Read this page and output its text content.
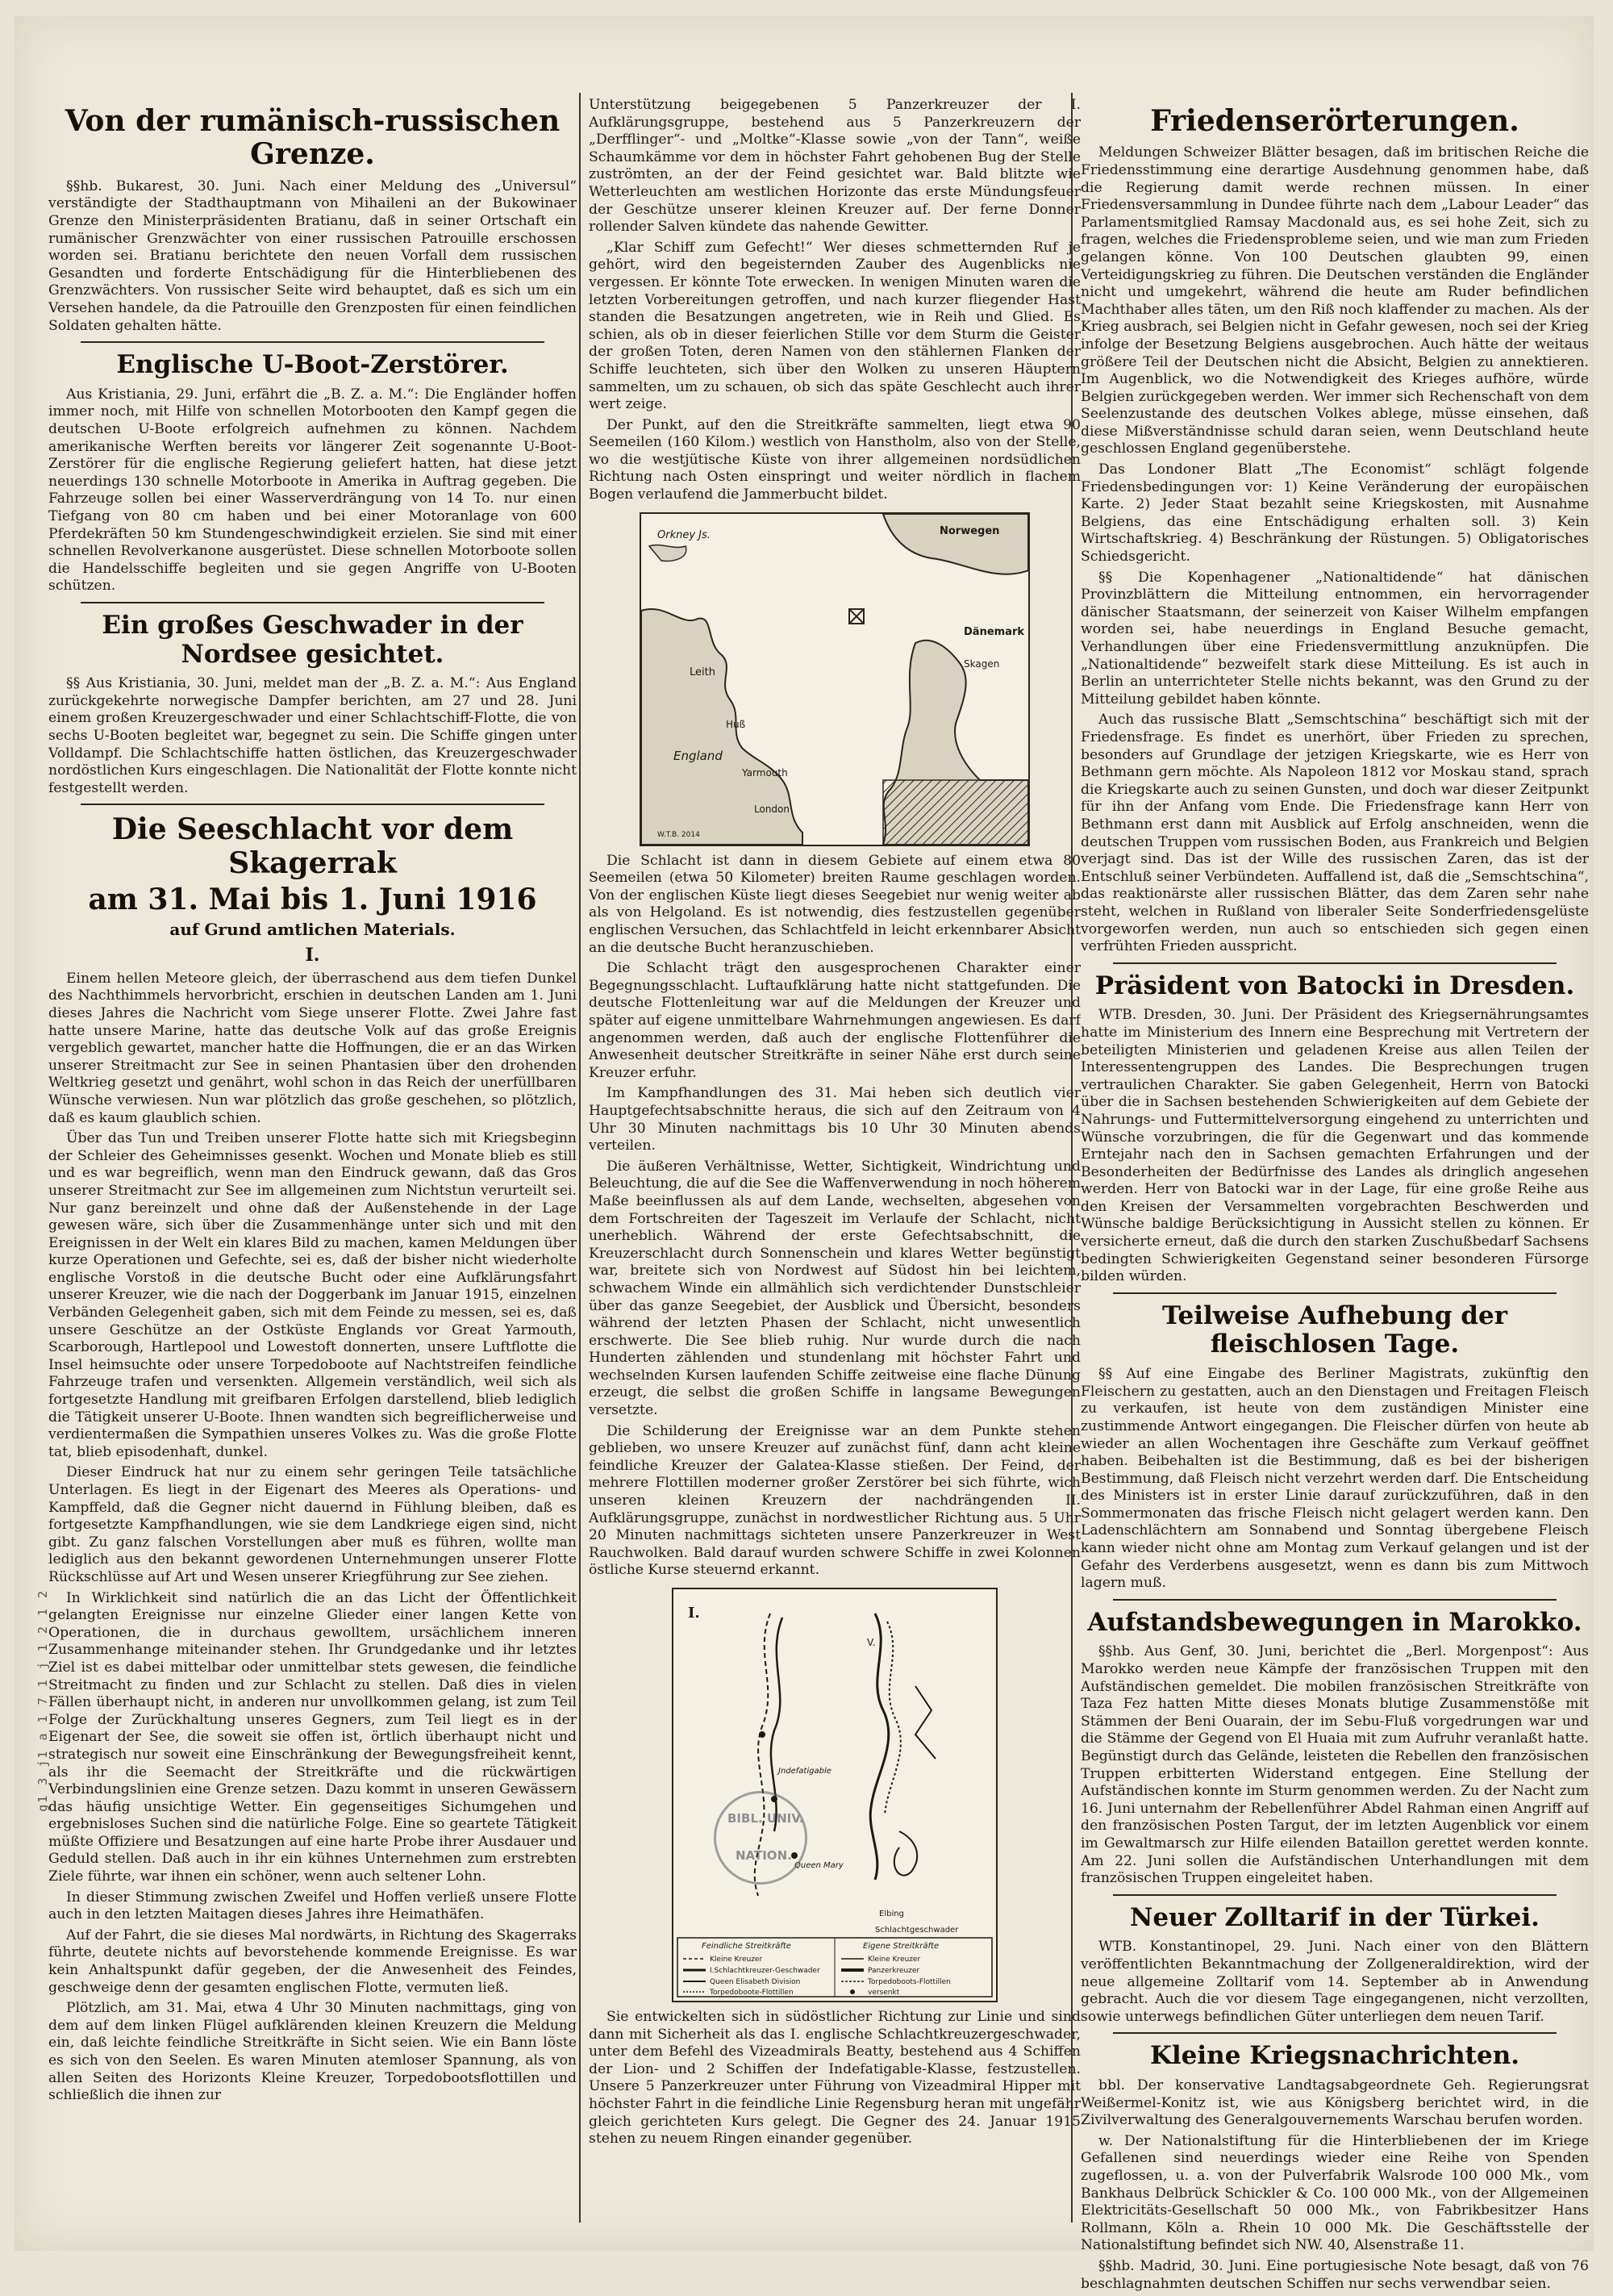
g1 3 j1 a 1 7 1 j 1 2 1 2
Von der rumänisch-russischen Grenze.

§§hb. Bukarest, 30. Juni. Nach einer Meldung des „Universul“ verständigte der Stadthauptmann von Mihaileni an der Bukowinaer Grenze den Ministerpräsidenten Bratianu, daß in seiner Ortschaft ein rumänischer Grenzwächter von einer russischen Patrouille erschossen worden sei. Bratianu berichtete den neuen Vorfall dem russischen Gesandten und forderte Entschädigung für die Hinterbliebenen des Grenzwächters. Von russischer Seite wird behauptet, daß es sich um ein Versehen handele, da die Patrouille den Grenzposten für einen feindlichen Soldaten gehalten hätte.

Englische U-Boot-Zerstörer.

Aus Kristiania, 29. Juni, erfährt die „B. Z. a. M.“: Die Engländer hoffen immer noch, mit Hilfe von schnellen Motorbooten den Kampf gegen die deutschen U-Boote erfolgreich aufnehmen zu können. Nachdem amerikanische Werften bereits vor längerer Zeit sogenannte U-Boot-Zerstörer für die englische Regierung geliefert hatten, hat diese jetzt neuerdings 130 schnelle Motorboote in Amerika in Auftrag gegeben. Die Fahrzeuge sollen bei einer Wasserverdrängung von 14 To. nur einen Tiefgang von 80 cm haben und bei einer Motoranlage von 600 Pferdekräften 50 km Stundengeschwindigkeit erzielen. Sie sind mit einer schnellen Revolverkanone ausgerüstet. Diese schnellen Motorboote sollen die Handelsschiffe begleiten und sie gegen Angriffe von U-Booten schützen.

Ein großes Geschwader in der Nordsee gesichtet.

§§ Aus Kristiania, 30. Juni, meldet man der „B. Z. a. M.“: Aus England zurückgekehrte norwegische Dampfer berichten, am 27 und 28. Juni einem großen Kreuzergeschwader und einer Schlachtschiff-Flotte, die von sechs U-Booten begleitet war, begegnet zu sein. Die Schiffe gingen unter Volldampf. Die Schlachtschiffe hatten östlichen, das Kreuzergeschwader nordöstlichen Kurs eingeschlagen. Die Nationalität der Flotte konnte nicht festgestellt werden.

Die Seeschlacht vor dem Skagerrak
am 31. Mai bis 1. Juni 1916
auf Grund amtlichen Materials.
I.

Einem hellen Meteore gleich, der überraschend aus dem tiefen Dunkel des Nachthimmels hervorbricht, erschien in deutschen Landen am 1. Juni dieses Jahres die Nachricht vom Siege unserer Flotte. Zwei Jahre fast hatte unsere Marine, hatte das deutsche Volk auf das große Ereignis vergeblich gewartet, mancher hatte die Hoffnungen, die er an das Wirken unserer Streitmacht zur See in seinen Phantasien über den drohenden Weltkrieg gesetzt und genährt, wohl schon in das Reich der unerfüllbaren Wünsche verwiesen. Nun war plötzlich das große geschehen, so plötzlich, daß es kaum glaublich schien.

Über das Tun und Treiben unserer Flotte hatte sich mit Kriegsbeginn der Schleier des Geheimnisses gesenkt. Wochen und Monate blieb es still und es war begreiflich, wenn man den Eindruck gewann, daß das Gros unserer Streitmacht zur See im allgemeinen zum Nichtstun verurteilt sei. Nur ganz bereinzelt und ohne daß der Außenstehende in der Lage gewesen wäre, sich über die Zusammenhänge unter sich und mit den Ereignissen in der Welt ein klares Bild zu machen, kamen Meldungen über kurze Operationen und Gefechte, sei es, daß der bisher nicht wiederholte englische Vorstoß in die deutsche Bucht oder eine Aufklärungsfahrt unserer Kreuzer, wie die nach der Doggerbank im Januar 1915, einzelnen Verbänden Gelegenheit gaben, sich mit dem Feinde zu messen, sei es, daß unsere Geschütze an der Ostküste Englands vor Great Yarmouth, Scarborough, Hartlepool und Lowestoft donnerten, unsere Luftflotte die Insel heimsuchte oder unsere Torpedoboote auf Nachtstreifen feindliche Fahrzeuge trafen und versenkten. Allgemein verständlich, weil sich als fortgesetzte Handlung mit greifbaren Erfolgen darstellend, blieb lediglich die Tätigkeit unserer U-Boote. Ihnen wandten sich begreiflicherweise und verdientermaßen die Sympathien unseres Volkes zu. Was die große Flotte tat, blieb episodenhaft, dunkel.

Dieser Eindruck hat nur zu einem sehr geringen Teile tatsächliche Unterlagen. Es liegt in der Eigenart des Meeres als Operations- und Kampffeld, daß die Gegner nicht dauernd in Fühlung bleiben, daß es fortgesetzte Kampfhandlungen, wie sie dem Landkriege eigen sind, nicht gibt. Zu ganz falschen Vorstellungen aber muß es führen, wollte man lediglich aus den bekannt gewordenen Unternehmungen unserer Flotte Rückschlüsse auf Art und Wesen unserer Kriegführung zur See ziehen.

In Wirklichkeit sind natürlich die an das Licht der Öffentlichkeit gelangten Ereignisse nur einzelne Glieder einer langen Kette von Operationen, die in durchaus gewolltem, ursächlichem inneren Zusammenhange miteinander stehen. Ihr Grundgedanke und ihr letztes Ziel ist es dabei mittelbar oder unmittelbar stets gewesen, die feindliche Streitmacht zu finden und zur Schlacht zu stellen. Daß dies in vielen Fällen überhaupt nicht, in anderen nur unvollkommen gelang, ist zum Teil Folge der Zurückhaltung unseres Gegners, zum Teil liegt es in der Eigenart der See, die soweit sie offen ist, örtlich überhaupt nicht und strategisch nur soweit eine Einschränkung der Bewegungsfreiheit kennt, als ihr die Seemacht der Streitkräfte und die rückwärtigen Verbindungslinien eine Grenze setzen. Dazu kommt in unseren Gewässern das häufig unsichtige Wetter. Ein gegenseitiges Sichumgehen und ergebnisloses Suchen sind die natürliche Folge. Eine so geartete Tätigkeit müßte Offiziere und Besatzungen auf eine harte Probe ihrer Ausdauer und Geduld stellen. Daß auch in ihr ein kühnes Unternehmen zum erstrebten Ziele führte, war ihnen ein schöner, wenn auch seltener Lohn.

In dieser Stimmung zwischen Zweifel und Hoffen verließ unsere Flotte auch in den letzten Maitagen dieses Jahres ihre Heimathäfen.

Auf der Fahrt, die sie dieses Mal nordwärts, in Richtung des Skagerraks führte, deutete nichts auf bevorstehende kommende Ereignisse. Es war kein Anhaltspunkt dafür gegeben, der die Anwesenheit des Feindes, geschweige denn der gesamten englischen Flotte, vermuten ließ.

Plötzlich, am 31. Mai, etwa 4 Uhr 30 Minuten nachmittags, ging von dem auf dem linken Flügel aufklärenden kleinen Kreuzern die Meldung ein, daß leichte feindliche Streitkräfte in Sicht seien. Wie ein Bann löste es sich von den Seelen. Es waren Minuten atemloser Spannung, als von allen Seiten des Horizonts Kleine Kreuzer, Torpedobootsflottillen und schließlich die ihnen zur

Unterstützung beigegebenen 5 Panzerkreuzer der I. Aufklärungsgruppe, bestehend aus 5 Panzerkreuzern der „Derfflinger“- und „Moltke“-Klasse sowie „von der Tann“, weiße Schaumkämme vor dem in höchster Fahrt gehobenen Bug der Stelle zuströmten, an der der Feind gesichtet war. Bald blitzte wie Wetterleuchten am westlichen Horizonte das erste Mündungsfeuer der Geschütze unserer kleinen Kreuzer auf. Der ferne Donner rollender Salven kündete das nahende Gewitter.

„Klar Schiff zum Gefecht!“ Wer dieses schmetternden Ruf je gehört, wird den begeisternden Zauber des Augenblicks nie vergessen. Er könnte Tote erwecken. In wenigen Minuten waren die letzten Vorbereitungen getroffen, und nach kurzer fliegender Hast standen die Besatzungen angetreten, wie in Reih und Glied. Es schien, als ob in dieser feierlichen Stille vor dem Sturm die Geister der großen Toten, deren Namen von den stählernen Flanken der Schiffe leuchteten, sich über den Wolken zu unseren Häuptern sammelten, um zu schauen, ob sich das späte Geschlecht auch ihrer wert zeige.

Der Punkt, auf den die Streitkräfte sammelten, liegt etwa 90 Seemeilen (160 Kilom.) westlich von Hanstholm, also von der Stelle, wo die westjütische Küste von ihrer allgemeinen nordsüdlichen Richtung nach Osten einspringt und weiter nördlich in flachem Bogen verlaufend die Jammerbucht bildet.

Orkney Js.	Norwegen
Leith
Dänemark
Skagen
Huß
England
Yarmouth
London
W.T.B. 2014

Die Schlacht ist dann in diesem Gebiete auf einem etwa 80 Seemeilen (etwa 50 Kilometer) breiten Raume geschlagen worden. Von der englischen Küste liegt dieses Seegebiet nur wenig weiter ab als von Helgoland. Es ist notwendig, dies festzustellen gegenüber englischen Versuchen, das Schlachtfeld in leicht erkennbarer Absicht an die deutsche Bucht heranzuschieben.

Die Schlacht trägt den ausgesprochenen Charakter einer Begegnungsschlacht. Luftaufklärung hatte nicht stattgefunden. Die deutsche Flottenleitung war auf die Meldungen der Kreuzer und später auf eigene unmittelbare Wahrnehmungen angewiesen. Es darf angenommen werden, daß auch der englische Flottenführer die Anwesenheit deutscher Streitkräfte in seiner Nähe erst durch seine Kreuzer erfuhr.

Im Kampfhandlungen des 31. Mai heben sich deutlich vier Hauptgefechtsabschnitte heraus, die sich auf den Zeitraum von 4 Uhr 30 Minuten nachmittags bis 10 Uhr 30 Minuten abends verteilen.

Die äußeren Verhältnisse, Wetter, Sichtigkeit, Windrichtung und Beleuchtung, die auf die See die Waffenverwendung in noch höherem Maße beeinflussen als auf dem Lande, wechselten, abgesehen von dem Fortschreiten der Tageszeit im Verlaufe der Schlacht, nicht unerheblich. Während der erste Gefechtsabschnitt, die Kreuzerschlacht durch Sonnenschein und klares Wetter begünstigt war, breitete sich von Nordwest auf Südost hin bei leichtem, schwachem Winde ein allmählich sich verdichtender Dunstschleier über das ganze Seegebiet, der Ausblick und Übersicht, besonders während der letzten Phasen der Schlacht, nicht unwesentlich erschwerte. Die See blieb ruhig. Nur wurde durch die nach Hunderten zählenden und stundenlang mit höchster Fahrt und wechselnden Kursen laufenden Schiffe zeitweise eine flache Dünung erzeugt, die selbst die großen Schiffe in langsame Bewegungen versetzte.

Die Schilderung der Ereignisse war an dem Punkte stehen geblieben, wo unsere Kreuzer auf zunächst fünf, dann acht kleine feindliche Kreuzer der Galatea-Klasse stießen. Der Feind, der mehrere Flottillen moderner großer Zerstörer bei sich führte, wich unseren kleinen Kreuzern der nachdrängenden II. Aufklärungsgruppe, zunächst in nordwestlicher Richtung aus. 5 Uhr 20 Minuten nachmittags sichteten unsere Panzerkreuzer in West Rauchwolken. Bald darauf wurden schwere Schiffe in zwei Kolonnen östliche Kurse steuernd erkannt.

I.
Jndefatigable
Queen Mary
V.
Elbing
Schlachtgeschwader
Feindliche Streitkräfte	Eigene Streitkräfte
Kleine Kreuzer
I.Schlachtkreuzer-Geschwader
Queen Elisabeth Division
Torpedoboote-Flottillen
Kleine Kreuzer
Panzerkreuzer
Torpedoboots-Flottillen
versenkt
BIBL. UNIV.
NATION.

Sie entwickelten sich in südöstlicher Richtung zur Linie und sind dann mit Sicherheit als das I. englische Schlachtkreuzergeschwader, unter dem Befehl des Vizeadmirals Beatty, bestehend aus 4 Schiffen der Lion- und 2 Schiffen der Indefatigable-Klasse, festzustellen. Unsere 5 Panzerkreuzer unter Führung von Vizeadmiral Hipper mit höchster Fahrt in die feindliche Linie Regensburg heran mit ungefähr gleich gerichteten Kurs gelegt. Die Gegner des 24. Januar 1915 stehen zu neuem Ringen einander gegenüber.

Friedenserörterungen.

Meldungen Schweizer Blätter besagen, daß im britischen Reiche die Friedensstimmung eine derartige Ausdehnung genommen habe, daß die Regierung damit werde rechnen müssen. In einer Friedensversammlung in Dundee führte nach dem „Labour Leader“ das Parlamentsmitglied Ramsay Macdonald aus, es sei hohe Zeit, sich zu fragen, welches die Friedensprobleme seien, und wie man zum Frieden gelangen könne. Von 100 Deutschen glaubten 99, einen Verteidigungskrieg zu führen. Die Deutschen verständen die Engländer nicht und umgekehrt, während die heute am Ruder befindlichen Machthaber alles täten, um den Riß noch klaffender zu machen. Als der Krieg ausbrach, sei Belgien nicht in Gefahr gewesen, noch sei der Krieg infolge der Besetzung Belgiens ausgebrochen. Auch hätte der weitaus größere Teil der Deutschen nicht die Absicht, Belgien zu annektieren. Im Augenblick, wo die Notwendigkeit des Krieges aufhöre, würde Belgien zurückgegeben werden. Wer immer sich Rechenschaft von dem Seelenzustande des deutschen Volkes ablege, müsse einsehen, daß diese Mißverständnisse schuld daran seien, wenn Deutschland heute geschlossen England gegenüberstehe.

Das Londoner Blatt „The Economist“ schlägt folgende Friedensbedingungen vor: 1) Keine Veränderung der europäischen Karte. 2) Jeder Staat bezahlt seine Kriegskosten, mit Ausnahme Belgiens, das eine Entschädigung erhalten soll. 3) Kein Wirtschaftskrieg. 4) Beschränkung der Rüstungen. 5) Obligatorisches Schiedsgericht.

§§ Die Kopenhagener „Nationaltidende“ hat dänischen Provinzblättern die Mitteilung entnommen, ein hervorragender dänischer Staatsmann, der seinerzeit von Kaiser Wilhelm empfangen worden sei, habe neuerdings in England Besuche gemacht, Verhandlungen über eine Friedensvermittlung anzuknüpfen. Die „Nationaltidende“ bezweifelt stark diese Mitteilung. Es ist auch in Berlin an unterrichteter Stelle nichts bekannt, was den Grund zu der Mitteilung gebildet haben könnte.

Auch das russische Blatt „Semschtschina“ beschäftigt sich mit der Friedensfrage. Es findet es unerhört, über Frieden zu sprechen, besonders auf Grundlage der jetzigen Kriegskarte, wie es Herr von Bethmann gern möchte. Als Napoleon 1812 vor Moskau stand, sprach die Kriegskarte auch zu seinen Gunsten, und doch war dieser Zeitpunkt für ihn der Anfang vom Ende. Die Friedensfrage kann Herr von Bethmann erst dann mit Ausblick auf Erfolg anschneiden, wenn die deutschen Truppen vom russischen Boden, aus Frankreich und Belgien verjagt sind. Das ist der Wille des russischen Zaren, das ist der Entschluß seiner Verbündeten. Auffallend ist, daß die „Semschtschina“, das reaktionärste aller russischen Blätter, das dem Zaren sehr nahe steht, welchen in Rußland von liberaler Seite Sonderfriedensgelüste vorgeworfen werden, nun auch so entschieden sich gegen einen verfrühten Frieden ausspricht.

Präsident von Batocki in Dresden.

WTB. Dresden, 30. Juni. Der Präsident des Kriegsernährungsamtes hatte im Ministerium des Innern eine Besprechung mit Vertretern der beteiligten Ministerien und geladenen Kreise aus allen Teilen der Interessentengruppen des Landes. Die Besprechungen trugen vertraulichen Charakter. Sie gaben Gelegenheit, Herrn von Batocki über die in Sachsen bestehenden Schwierigkeiten auf dem Gebiete der Nahrungs- und Futtermittelversorgung eingehend zu unterrichten und Wünsche vorzubringen, die für die Gegenwart und das kommende Erntejahr nach den in Sachsen gemachten Erfahrungen und der Besonderheiten der Bedürfnisse des Landes als dringlich angesehen werden. Herr von Batocki war in der Lage, für eine große Reihe aus den Kreisen der Versammelten vorgebrachten Beschwerden und Wünsche baldige Berücksichtigung in Aussicht stellen zu können. Er versicherte erneut, daß die durch den starken Zuschußbedarf Sachsens bedingten Schwierigkeiten Gegenstand seiner besonderen Fürsorge bilden würden.

Teilweise Aufhebung der fleischlosen Tage.

§§ Auf eine Eingabe des Berliner Magistrats, zukünftig den Fleischern zu gestatten, auch an den Dienstagen und Freitagen Fleisch zu verkaufen, ist heute von dem zuständigen Minister eine zustimmende Antwort eingegangen. Die Fleischer dürfen von heute ab wieder an allen Wochentagen ihre Geschäfte zum Verkauf geöffnet haben. Beibehalten ist die Bestimmung, daß es bei der bisherigen Bestimmung, daß Fleisch nicht verzehrt werden darf. Die Entscheidung des Ministers ist in erster Linie darauf zurückzuführen, daß in den Sommermonaten das frische Fleisch nicht gelagert werden kann. Den Ladenschlächtern am Sonnabend und Sonntag übergebene Fleisch kann wieder nicht ohne am Montag zum Verkauf gelangen und ist der Gefahr des Verderbens ausgesetzt, wenn es dann bis zum Mittwoch lagern muß.

Aufstandsbewegungen in Marokko.

§§hb. Aus Genf, 30. Juni, berichtet die „Berl. Morgenpost“: Aus Marokko werden neue Kämpfe der französischen Truppen mit den Aufständischen gemeldet. Die mobilen französischen Streitkräfte von Taza Fez hatten Mitte dieses Monats blutige Zusammenstöße mit Stämmen der Beni Ouarain, der im Sebu-Fluß vorgedrungen war und die Stämme der Gegend von El Huaia mit zum Aufruhr veranlaßt hatte. Begünstigt durch das Gelände, leisteten die Rebellen den französischen Truppen erbitterten Widerstand entgegen. Eine Stellung der Aufständischen konnte im Sturm genommen werden. Zu der Nacht zum 16. Juni unternahm der Rebellenführer Abdel Rahman einen Angriff auf den französischen Posten Targut, der im letzten Augenblick vor einem im Gewaltmarsch zur Hilfe eilenden Bataillon gerettet werden konnte. Am 22. Juni sollen die Aufständischen Unterhandlungen mit dem französischen Truppen eingeleitet haben.

Neuer Zolltarif in der Türkei.

WTB. Konstantinopel, 29. Juni. Nach einer von den Blättern veröffentlichten Bekanntmachung der Zollgeneraldirektion, wird der neue allgemeine Zolltarif vom 14. September ab in Anwendung gebracht. Auch die vor diesem Tage eingegangenen, nicht verzollten, sowie unterwegs befindlichen Güter unterliegen dem neuen Tarif.

Kleine Kriegsnachrichten.

bbl. Der konservative Landtagsabgeordnete Geh. Regierungsrat Weißermel-Konitz ist, wie aus Königsberg berichtet wird, in die Zivilverwaltung des Generalgouvernements Warschau berufen worden.

w. Der Nationalstiftung für die Hinterbliebenen der im Kriege Gefallenen sind neuerdings wieder eine Reihe von Spenden zugeflossen, u. a. von der Pulverfabrik Walsrode 100 000 Mk., vom Bankhaus Delbrück Schickler & Co. 100 000 Mk., von der Allgemeinen Elektricitäts-Gesellschaft 50 000 Mk., von Fabrikbesitzer Hans Rollmann, Köln a. Rhein 10 000 Mk. Die Geschäftsstelle der Nationalstiftung befindet sich NW. 40, Alsenstraße 11.

§§hb. Madrid, 30. Juni. Eine portugiesische Note besagt, daß von 76 beschlagnahmten deutschen Schiffen nur sechs verwendbar seien.
